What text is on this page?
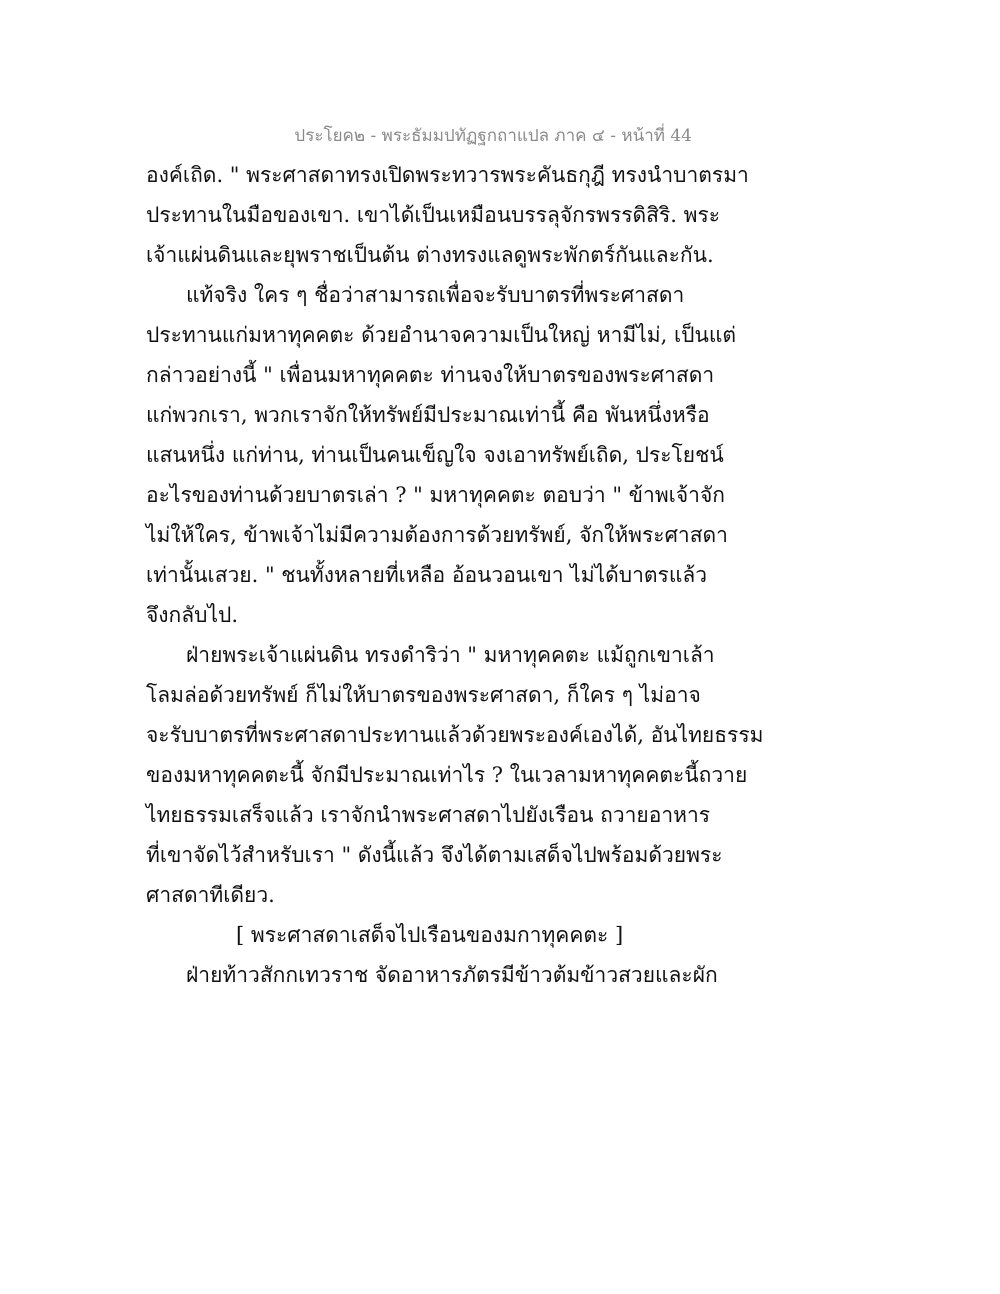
ประโยค๒ - พระธัมมปทัฏฐกถาแปล ภาค ๔ - หน้าที่ 44
องค์เถิด. " พระศาสดาทรงเปิดพระทวารพระคันธกุฎี ทรงนำบาตรมา
ประทานในมือของเขา. เขาได้เป็นเหมือนบรรลุจักรพรรดิสิริ. พระ
เจ้าแผ่นดินและยุพราชเป็นต้น ต่างทรงแลดูพระพักตร์กันและกัน.
แท้จริง ใคร ๆ ชื่อว่าสามารถเพื่อจะรับบาตรที่พระศาสดา
ประทานแก่มหาทุคคตะ ด้วยอำนาจความเป็นใหญ่ หามีไม่, เป็นแต่
กล่าวอย่างนี้ " เพื่อนมหาทุคคตะ ท่านจงให้บาตรของพระศาสดา
แก่พวกเรา, พวกเราจักให้ทรัพย์มีประมาณเท่านี้ คือ พันหนึ่งหรือ
แสนหนึ่ง แก่ท่าน, ท่านเป็นคนเข็ญใจ จงเอาทรัพย์เถิด, ประโยชน์
อะไรของท่านด้วยบาตรเล่า ? " มหาทุคคตะ ตอบว่า " ข้าพเจ้าจัก
ไม่ให้ใคร, ข้าพเจ้าไม่มีความต้องการด้วยทรัพย์, จักให้พระศาสดา
เท่านั้นเสวย. " ชนทั้งหลายที่เหลือ อ้อนวอนเขา ไม่ได้บาตรแล้ว
จึงกลับไป.
ฝ่ายพระเจ้าแผ่นดิน ทรงดำริว่า " มหาทุคคตะ แม้ถูกเขาเล้า
โลมล่อด้วยทรัพย์ ก็ไม่ให้บาตรของพระศาสดา, ก็ใคร ๆ ไม่อาจ
จะรับบาตรที่พระศาสดาประทานแล้วด้วยพระองค์เองได้, อันไทยธรรม
ของมหาทุคคตะนี้ จักมีประมาณเท่าไร ? ในเวลามหาทุคคตะนี้ถวาย
ไทยธรรมเสร็จแล้ว เราจักนำพระศาสดาไปยังเรือน ถวายอาหาร
ที่เขาจัดไว้สำหรับเรา " ดังนี้แล้ว จึงได้ตามเสด็จไปพร้อมด้วยพระ
ศาสดาทีเดียว.
[ พระศาสดาเสด็จไปเรือนของมกาทุคคตะ ]
ฝ่ายท้าวสักกเทวราช จัดอาหารภัตรมีข้าวต้มข้าวสวยและผัก
